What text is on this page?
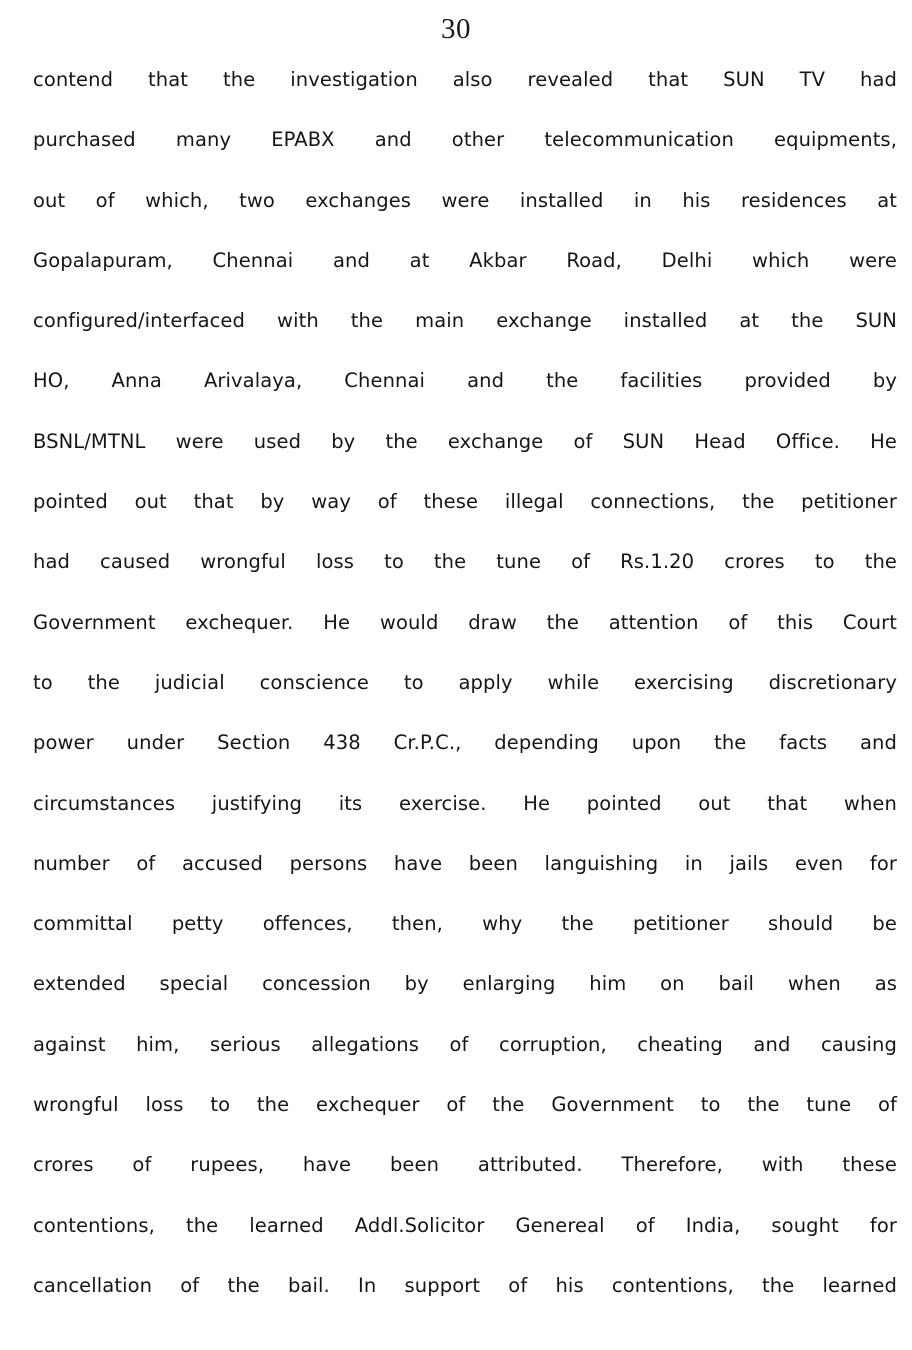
30
contend that the investigation also revealed that SUN TV had
purchased many EPABX and other telecommunication equipments,
out of which, two exchanges were installed in his residences at
Gopalapuram, Chennai and at Akbar Road, Delhi which were
configured/interfaced with the main exchange installed at the SUN
HO, Anna Arivalaya, Chennai and the facilities provided by
BSNL/MTNL were used by the exchange of SUN Head Office. He
pointed out that by way of these illegal connections, the petitioner
had caused wrongful loss to the tune of Rs.1.20 crores to the
Government exchequer. He would draw the attention of this Court
to the judicial conscience to apply while exercising discretionary
power under Section 438 Cr.P.C., depending upon the facts and
circumstances justifying its exercise. He pointed out that when
number of accused persons have been languishing in jails even for
committal petty offences, then, why the petitioner should be
extended special concession by enlarging him on bail when as
against him, serious allegations of corruption, cheating and causing
wrongful loss to the exchequer of the Government to the tune of
crores of rupees, have been attributed. Therefore, with these
contentions, the learned Addl.Solicitor Genereal of India, sought for
cancellation of the bail. In support of his contentions, the learned
